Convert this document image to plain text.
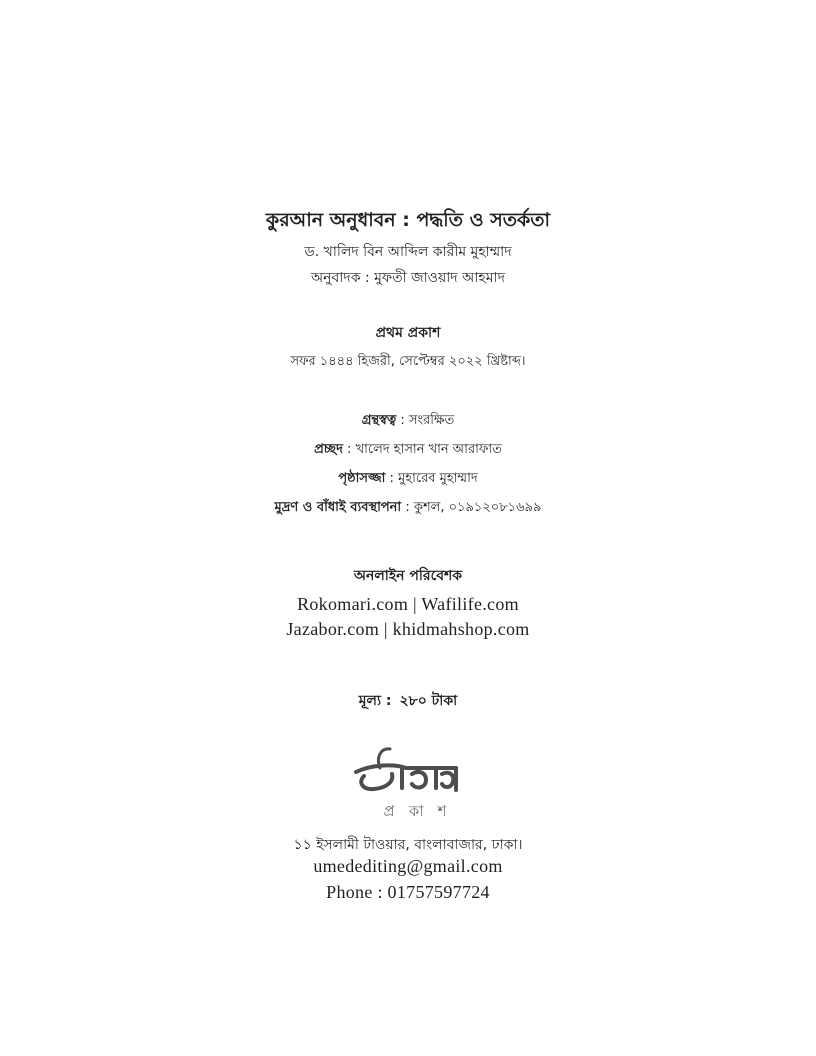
কুরআন অনুধাবন : পদ্ধতি ও সতর্কতা
ড. খালিদ বিন আব্দিল কারীম মুহাম্মাদ
অনুবাদক : মুফতী জাওয়াদ আহমাদ
প্রথম প্রকাশ
সফর ১৪৪৪ হিজরী, সেপ্টেম্বর ২০২২ খ্রিষ্টাব্দ।
গ্রন্থস্বত্ব : সংরক্ষিত
প্রচ্ছদ : খালেদ হাসান খান আরাফাত
পৃষ্ঠাসজ্জা : মুহারেব মুহাম্মাদ
মুদ্রণ ও বাঁধাই ব্যবস্থাপনা : কুশল, ০১৯১২০৮১৬৯৯
অনলাইন পরিবেশক
Rokomari.com | Wafilife.com
Jazabor.com | khidmahshop.com
মূল্য : ২৮০ টাকা
প্রকাশ
১১ ইসলামী টাওয়ার, বাংলাবাজার, ঢাকা।
umedediting@gmail.com
Phone : 01757597724
